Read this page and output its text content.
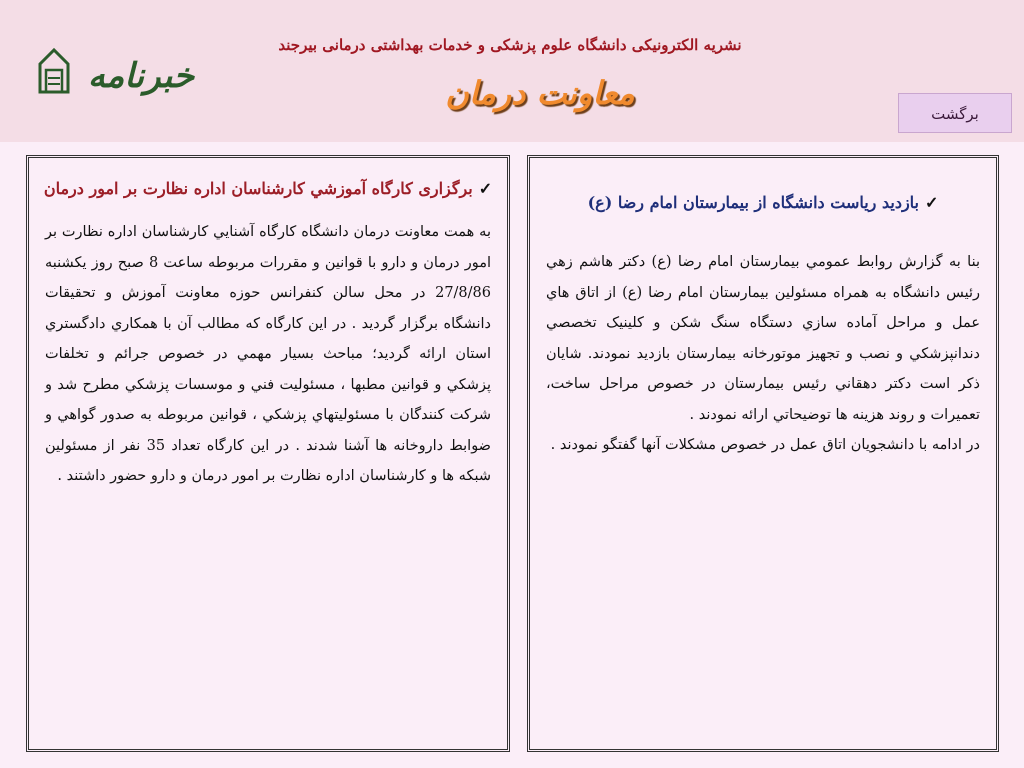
خبرنامه
نشریه الکترونیکی دانشگاه علوم پزشکی و خدمات بهداشتی درمانی بیرجند
معاونت درمان
برگشت
✓بازدید رياست دانشگاه از بيمارستان امام رضا (ع)

بنا به گزارش روابط عمومي بيمارستان امام رضا (ع) دکتر هاشم زهي رئيس دانشگاه به همراه مسئولين بيمارستان امام رضا (ع) از اتاق هاي عمل و مراحل آماده سازي دستگاه سنگ شکن و کلينيک تخصصي دندانپزشکي و نصب و تجهيز موتورخانه بيمارستان بازديد نمودند. شايان ذکر است دکتر دهقاني رئيس بيمارستان در خصوص مراحل ساخت، تعميرات و روند هزينه ها توضيحاتي ارائه نمودند .

در ادامه با دانشجويان اتاق عمل در خصوص مشکلات آنها گفتگو نمودند .

✓برگزاری کارگاه آموزشي کارشناسان اداره نظارت بر امور درمان

به همت معاونت درمان دانشگاه کارگاه آشنايي کارشناسان اداره نظارت بر امور درمان و دارو با قوانين و مقررات مربوطه ساعت 8 صبح روز يکشنبه 27/8/86 در محل سالن کنفرانس حوزه معاونت آموزش و تحقيقات دانشگاه برگزار گرديد . در اين کارگاه که مطالب آن با همکاري دادگستري استان ارائه گرديد؛ مباحث بسيار مهمي در خصوص جرائم و تخلفات پزشکي و قوانين مطبها ، مسئوليت فني و موسسات پزشکي مطرح شد و شرکت کنندگان با مسئوليتهاي پزشکي ، قوانين مربوطه به صدور گواهي و ضوابط داروخانه ها آشنا شدند . در اين کارگاه تعداد 35 نفر از مسئولين شبکه ها و کارشناسان اداره نظارت بر امور درمان و دارو حضور داشتند .
